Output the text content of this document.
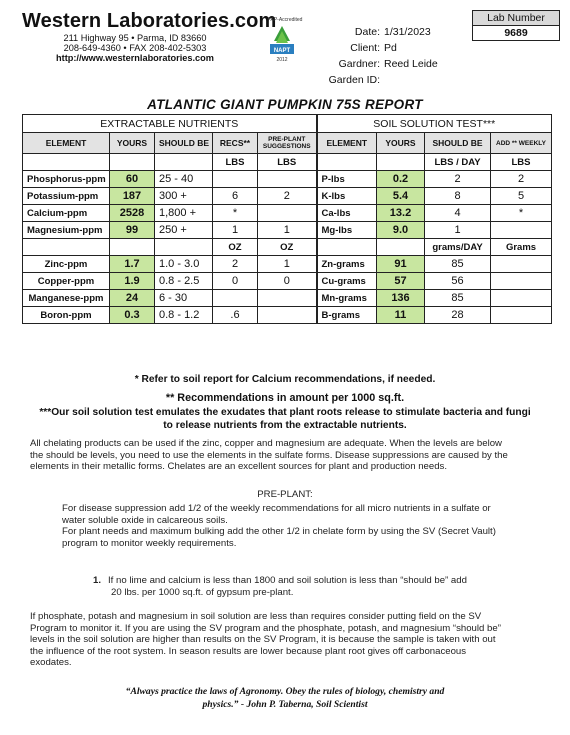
Western Laboratories.com
211 Highway 95 • Parma, ID 83660
208-649-4360 • FAX 208-402-5303
http://www.westernlaboratories.com
PAP-Accredited
NAPT
2012
Date: 1/31/2023
Client: Pd
Gardner: Reed Leide
Garden ID:
Lab Number
9689
ATLANTIC GIANT PUMPKIN 75S REPORT
EXTRACTABLE NUTRIENTS					SOIL SOLUTION TEST***			
ELEMENT	YOURS	SHOULD BE	RECS**	PRE-PLANT SUGGESTIONS	ELEMENT	YOURS	SHOULD BE	ADD ** WEEKLY
			LBS	LBS			LBS / DAY	LBS
Phosphorus-ppm	60	25 - 40			P-lbs	0.2	2	2
Potassium-ppm	187	300 +	6	2	K-lbs	5.4	8	5
Calcium-ppm	2528	1,800 +	*		Ca-lbs	13.2	4	*
Magnesium-ppm	99	250 +	1	1	Mg-lbs	9.0	1	
			OZ	OZ			grams/DAY	Grams
Zinc-ppm	1.7	1.0 - 3.0	2	1	Zn-grams	91	85	
Copper-ppm	1.9	0.8 - 2.5	0	0	Cu-grams	57	56	
Manganese-ppm	24	6 - 30			Mn-grams	136	85	
Boron-ppm	0.3	0.8 - 1.2	.6		B-grams	11	28	
* Refer to soil report for Calcium recommendations, if needed.
** Recommendations in amount per 1000 sq.ft.
***Our soil solution test emulates the exudates that plant roots release to stimulate bacteria and fungi
to release nutrients from the extractable nutrients.
All chelating products can be used if the zinc, copper and magnesium are adequate. When the levels are below
the should be levels, you need to use the elements in the sulfate forms. Disease suppressions are caused by the
elements in their metallic forms. Chelates are an excellent sources for plant and production needs.
PRE-PLANT:
For disease suppression add 1/2 of the weekly recommendations for all micro nutrients in a sulfate or
water soluble oxide in calcareous soils.
For plant needs and maximum bulking add the other 1/2 in chelate form by using the SV (Secret Vault)
program to monitor weekly requirements.
1. If no lime and calcium is less than 1800 and soil solution is less than “should be” add
20 lbs. per 1000 sq.ft. of gypsum pre-plant.
If phosphate, potash and magnesium in soil solution are less than requires consider putting field on the SV
Program to monitor it. If you are using the SV program and the phosphate, potash, and magnesium “should be”
levels in the soil solution are higher than results on the SV Program, it is because the sample is taken with out
the influence of the root system. In season results are lower because plant root gives off carbonaceous
exodates.
“Always practice the laws of Agronomy. Obey the rules of biology, chemistry and
physics.” - John P. Taberna, Soil Scientist
